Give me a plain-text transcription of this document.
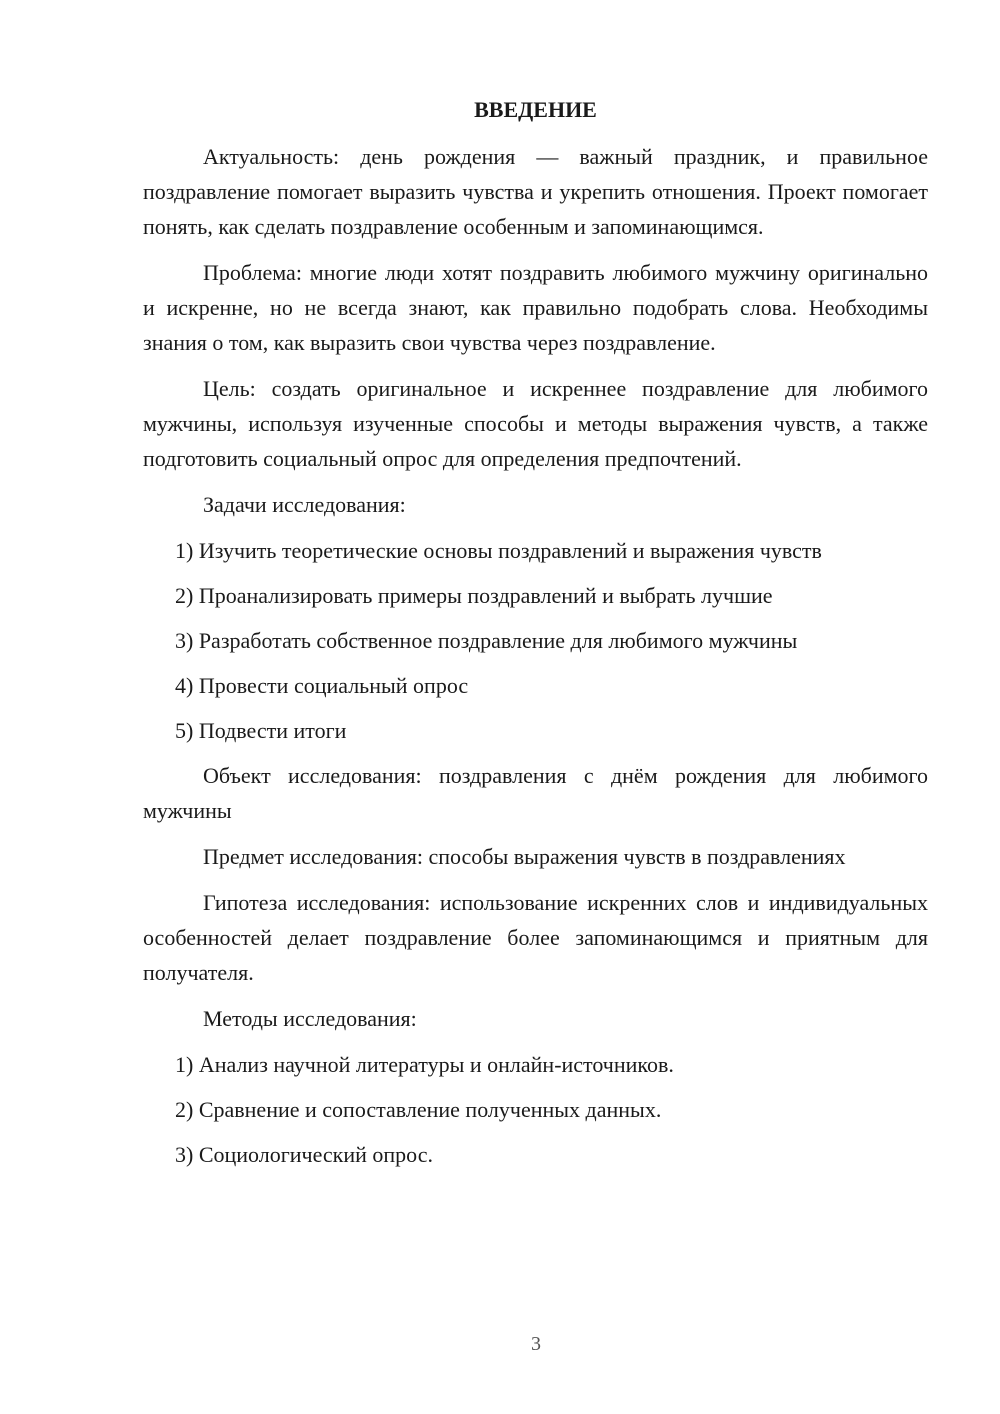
ВВЕДЕНИЕ

Актуальность: день рождения — важный праздник, и правильное поздравление помогает выразить чувства и укрепить отношения. Проект помогает понять, как сделать поздравление особенным и запоминающимся.

Проблема: многие люди хотят поздравить любимого мужчину оригинально и искренне, но не всегда знают, как правильно подобрать слова. Необходимы знания о том, как выразить свои чувства через поздравление.

Цель: создать оригинальное и искреннее поздравление для любимого мужчины, используя изученные способы и методы выражения чувств, а также подготовить социальный опрос для определения предпочтений.

Задачи исследования:

1) Изучить теоретические основы поздравлений и выражения чувств
2) Проанализировать примеры поздравлений и выбрать лучшие
3) Разработать собственное поздравление для любимого мужчины
4) Провести социальный опрос
5) Подвести итоги

Объект исследования: поздравления с днём рождения для любимого мужчины

Предмет исследования: способы выражения чувств в поздравлениях

Гипотеза исследования: использование искренних слов и индивидуальных особенностей делает поздравление более запоминающимся и приятным для получателя.

Методы исследования:

1) Анализ научной литературы и онлайн-источников.
2) Сравнение и сопоставление полученных данных.
3) Социологический опрос.
3
